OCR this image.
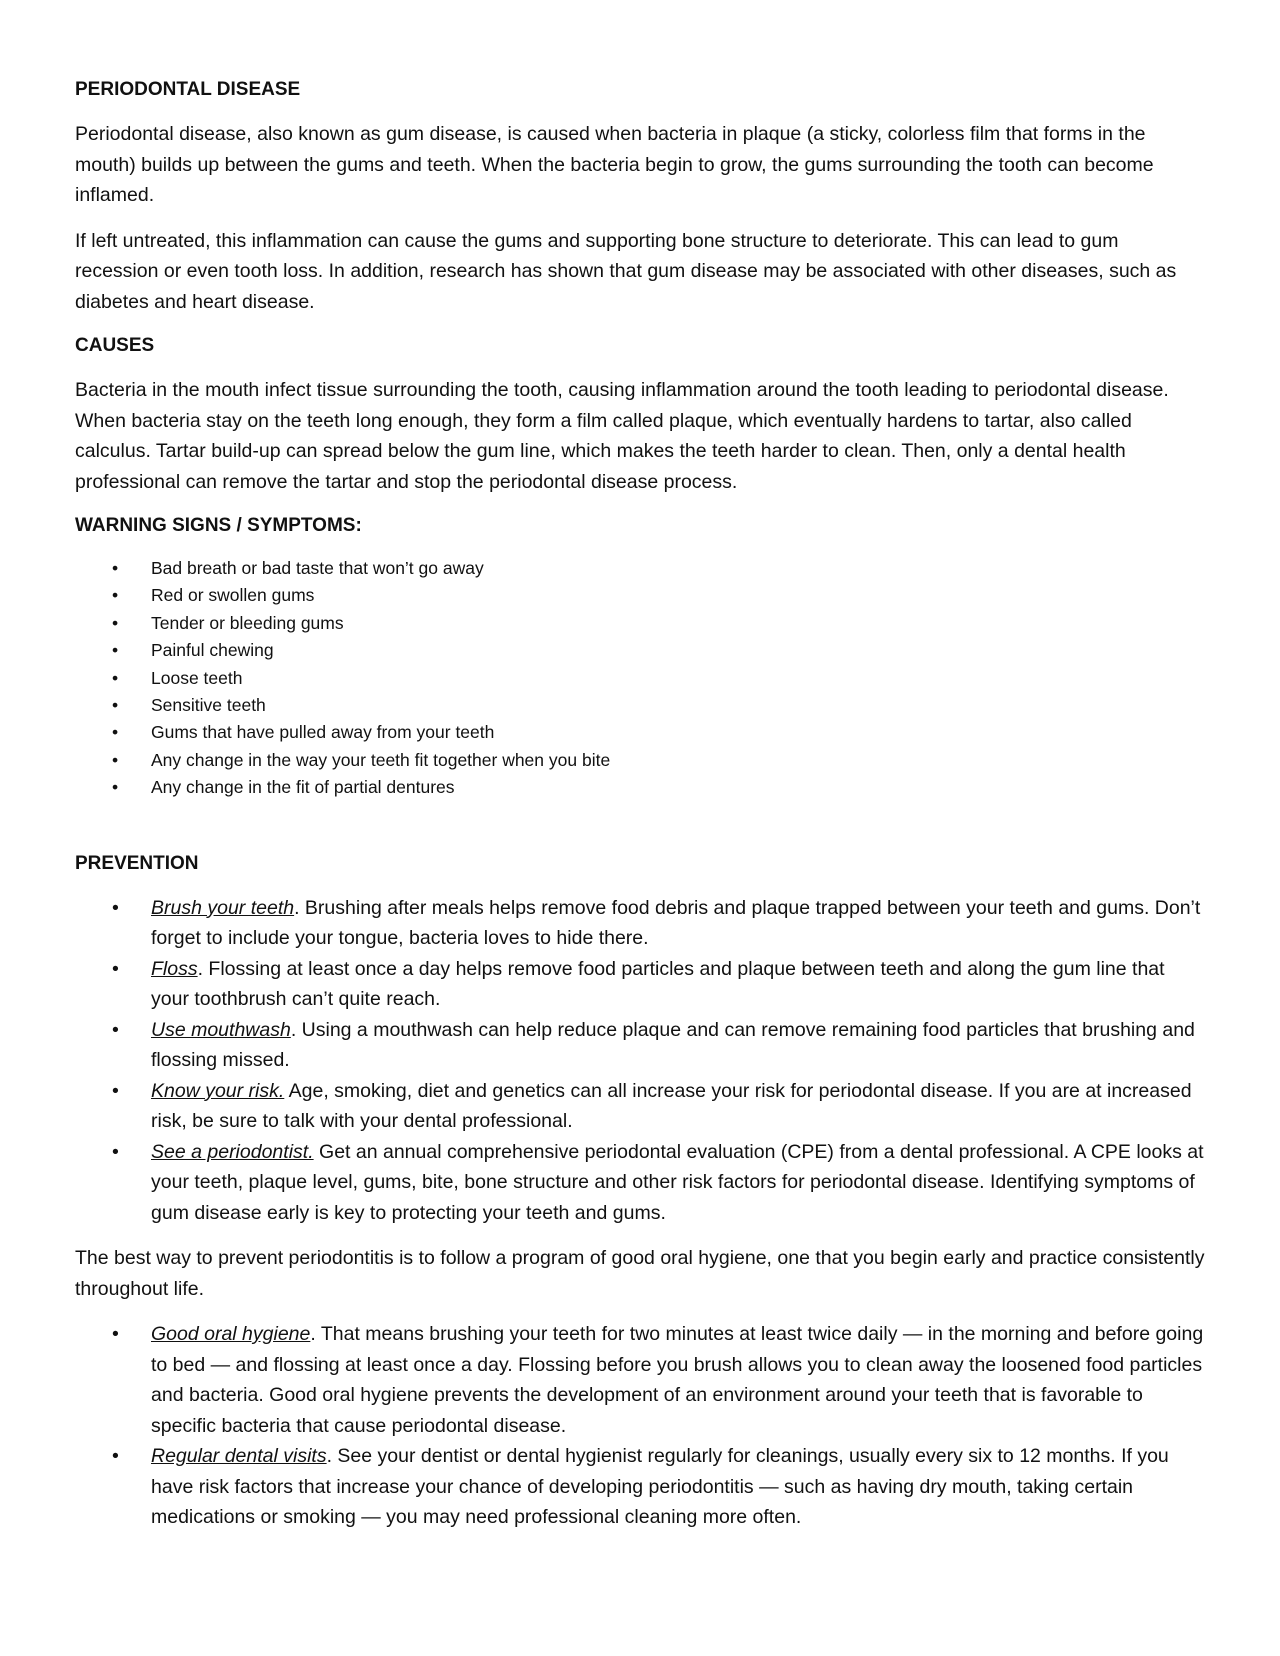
PERIODONTAL DISEASE

Periodontal disease, also known as gum disease, is caused when bacteria in plaque (a sticky, colorless film that forms in the mouth) builds up between the gums and teeth. When the bacteria begin to grow, the gums surrounding the tooth can become inflamed.

If left untreated, this inflammation can cause the gums and supporting bone structure to deteriorate. This can lead to gum recession or even tooth loss. In addition, research has shown that gum disease may be associated with other diseases, such as diabetes and heart disease.

CAUSES

Bacteria in the mouth infect tissue surrounding the tooth, causing inflammation around the tooth leading to periodontal disease. When bacteria stay on the teeth long enough, they form a film called plaque, which eventually hardens to tartar, also called calculus. Tartar build-up can spread below the gum line, which makes the teeth harder to clean. Then, only a dental health professional can remove the tartar and stop the periodontal disease process.

WARNING SIGNS / SYMPTOMS:
• Bad breath or bad taste that won’t go away
• Red or swollen gums
• Tender or bleeding gums
• Painful chewing
• Loose teeth
• Sensitive teeth
• Gums that have pulled away from your teeth
• Any change in the way your teeth fit together when you bite
• Any change in the fit of partial dentures
PREVENTION
• Brush your teeth. Brushing after meals helps remove food debris and plaque trapped between your teeth and gums. Don’t forget to include your tongue, bacteria loves to hide there.
• Floss. Flossing at least once a day helps remove food particles and plaque between teeth and along the gum line that your toothbrush can’t quite reach.
• Use mouthwash. Using a mouthwash can help reduce plaque and can remove remaining food particles that brushing and flossing missed.
• Know your risk. Age, smoking, diet and genetics can all increase your risk for periodontal disease. If you are at increased risk, be sure to talk with your dental professional.
• See a periodontist. Get an annual comprehensive periodontal evaluation (CPE) from a dental professional. A CPE looks at your teeth, plaque level, gums, bite, bone structure and other risk factors for periodontal disease. Identifying symptoms of gum disease early is key to protecting your teeth and gums.

The best way to prevent periodontitis is to follow a program of good oral hygiene, one that you begin early and practice consistently throughout life.

• Good oral hygiene. That means brushing your teeth for two minutes at least twice daily — in the morning and before going to bed — and flossing at least once a day. Flossing before you brush allows you to clean away the loosened food particles and bacteria. Good oral hygiene prevents the development of an environment around your teeth that is favorable to specific bacteria that cause periodontal disease.
• Regular dental visits. See your dentist or dental hygienist regularly for cleanings, usually every six to 12 months. If you have risk factors that increase your chance of developing periodontitis — such as having dry mouth, taking certain medications or smoking — you may need professional cleaning more often.
